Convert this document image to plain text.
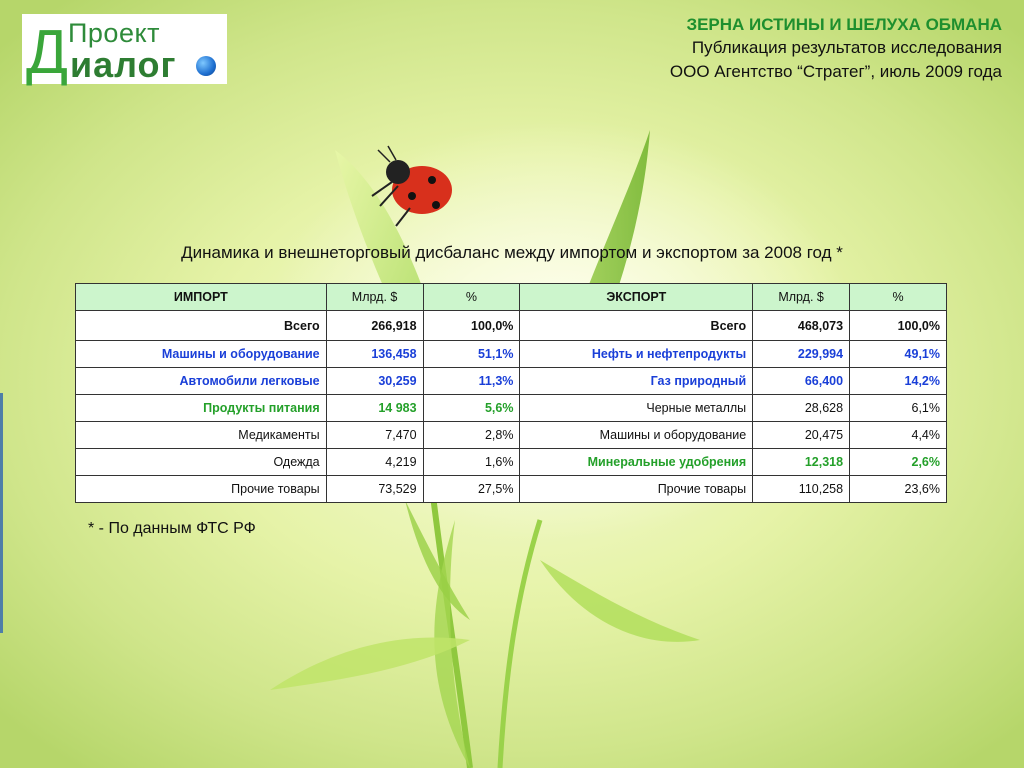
Д Проект
иалог
ЗЕРНА ИСТИНЫ И ШЕЛУХА ОБМАНА
Публикация результатов исследования
ООО Агентство “Стратег”, июль 2009 года
Динамика и внешнеторговый дисбаланс между импортом и экспортом за 2008 год *
ИМПОРТ	Млрд. $	%	ЭКСПОРТ	Млрд. $	%
Всего	266,918	100,0%	Всего	468,073	100,0%
Машины и оборудование	136,458	51,1%	Нефть и нефтепродукты	229,994	49,1%
Автомобили легковые	30,259	11,3%	Газ природный	66,400	14,2%
Продукты питания	14 983	5,6%	Черные металлы	28,628	6,1%
Медикаменты	7,470	2,8%	Машины и оборудование	20,475	4,4%
Одежда	4,219	1,6%	Минеральные удобрения	12,318	2,6%
Прочие товары	73,529	27,5%	Прочие товары	110,258	23,6%
* - По данным ФТС РФ
